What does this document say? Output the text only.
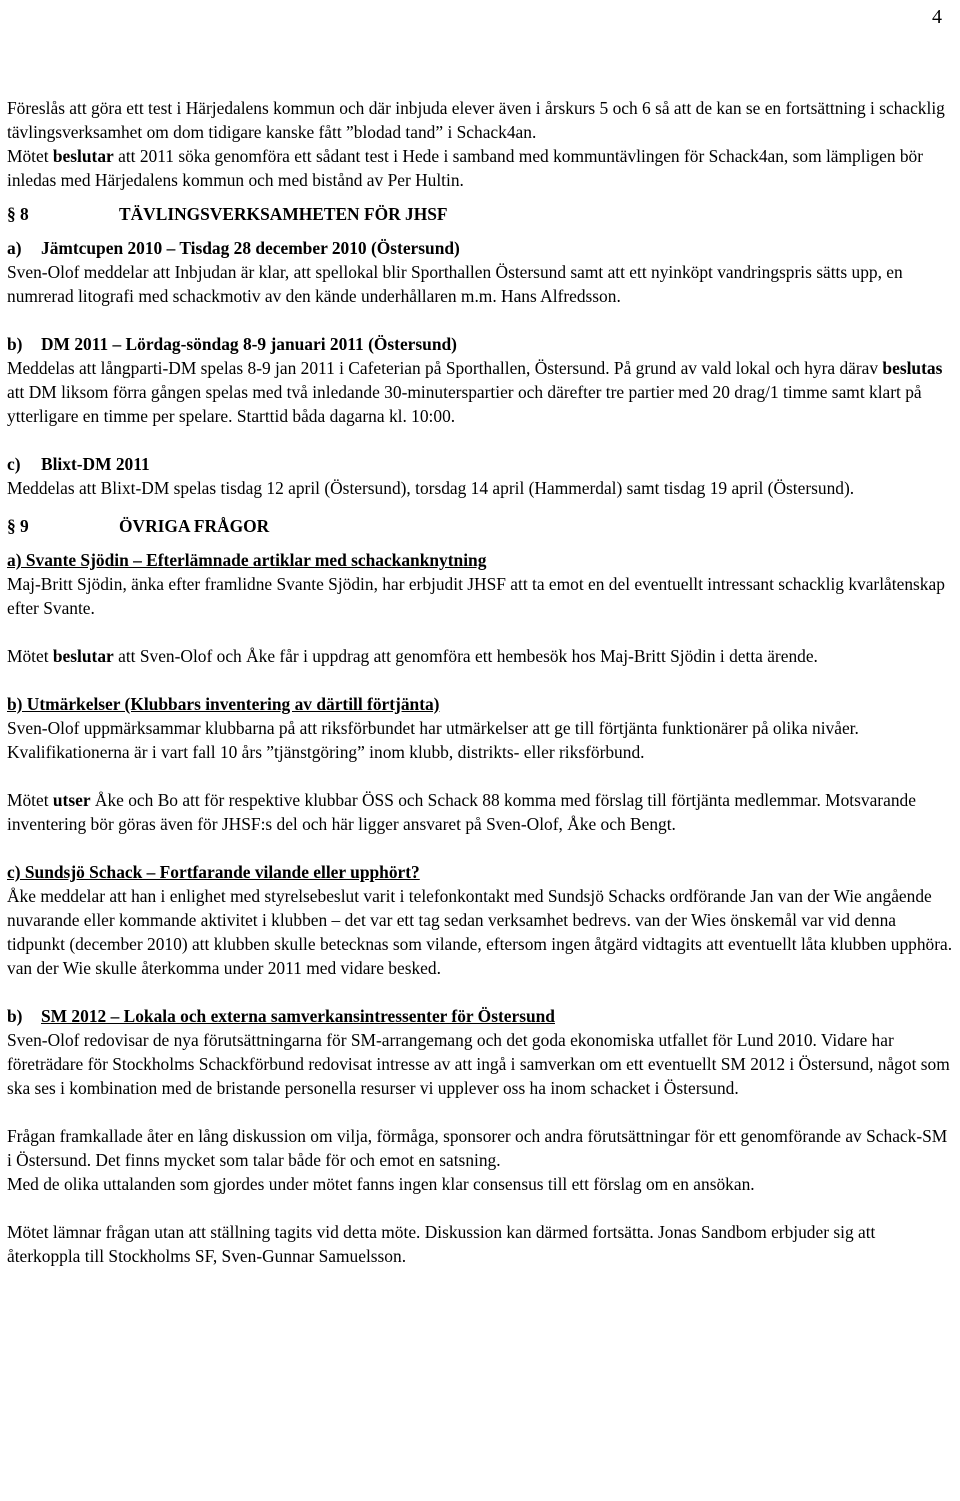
4

Föreslås att göra ett test i Härjedalens kommun och där inbjuda elever även i årskurs 5 och 6 så att de kan se en fortsättning i schacklig tävlingsverksamhet om dom tidigare kanske fått ”blodad tand” i Schack4an.

Mötet beslutar att 2011 söka genomföra ett sådant test i Hede i samband med kommuntävlingen för Schack4an, som lämpligen bör inledas med Härjedalens kommun och med bistånd av Per Hultin.

§ 8	TÄVLINGSVERKSAMHETEN FÖR JHSF

a) Jämtcupen 2010 – Tisdag 28 december 2010 (Östersund)

Sven-Olof meddelar att Inbjudan är klar, att spellokal blir Sporthallen Östersund samt att ett nyinköpt vandringspris sätts upp, en numrerad litografi med schackmotiv av den kände underhållaren m.m. Hans Alfredsson.

b) DM 2011 – Lördag-söndag 8-9 januari 2011 (Östersund)

Meddelas att långparti-DM spelas 8-9 jan 2011 i Cafeterian på Sporthallen, Östersund. På grund av vald lokal och hyra därav beslutas att DM liksom förra gången spelas med två inledande 30-minuterspartier och därefter tre partier med 20 drag/1 timme samt klart på ytterligare en timme per spelare. Starttid båda dagarna kl. 10:00.

c) Blixt-DM 2011

Meddelas att Blixt-DM spelas tisdag 12 april (Östersund), torsdag 14 april (Hammerdal) samt tisdag 19 april (Östersund).

§ 9	ÖVRIGA FRÅGOR

a) Svante Sjödin – Efterlämnade artiklar med schackanknytning

Maj-Britt Sjödin, änka efter framlidne Svante Sjödin, har erbjudit JHSF att ta emot en del eventuellt intressant schacklig kvarlåtenskap efter Svante.

Mötet beslutar att Sven-Olof och Åke får i uppdrag att genomföra ett hembesök hos Maj-Britt Sjödin i detta ärende.

b) Utmärkelser (Klubbars inventering av därtill förtjänta)

Sven-Olof uppmärksammar klubbarna på att riksförbundet har utmärkelser att ge till förtjänta funktionärer på olika nivåer. Kvalifikationerna är i vart fall 10 års ”tjänstgöring” inom klubb, distrikts- eller riksförbund.

Mötet utser Åke och Bo att för respektive klubbar ÖSS och Schack 88 komma med förslag till förtjänta medlemmar. Motsvarande inventering bör göras även för JHSF:s del och här ligger ansvaret på Sven-Olof, Åke och Bengt.

c) Sundsjö Schack – Fortfarande vilande eller upphört?

Åke meddelar att han i enlighet med styrelsebeslut varit i telefonkontakt med Sundsjö Schacks ordförande Jan van der Wie angående nuvarande eller kommande aktivitet i klubben – det var ett tag sedan verksamhet bedrevs. van der Wies önskemål var vid denna tidpunkt (december 2010) att klubben skulle betecknas som vilande, eftersom ingen åtgärd vidtagits att eventuellt låta klubben upphöra. van der Wie skulle återkomma under 2011 med vidare besked.

b) SM 2012 – Lokala och externa samverkansintressenter för Östersund

Sven-Olof redovisar de nya förutsättningarna för SM-arrangemang och det goda ekonomiska utfallet för Lund 2010. Vidare har företrädare för Stockholms Schackförbund redovisat intresse av att ingå i samverkan om ett eventuellt SM 2012 i Östersund, något som ska ses i kombination med de bristande personella resurser vi upplever oss ha inom schacket i Östersund.

Frågan framkallade åter en lång diskussion om vilja, förmåga, sponsorer och andra förutsättningar för ett genomförande av Schack-SM i Östersund. Det finns mycket som talar både för och emot en satsning.

Med de olika uttalanden som gjordes under mötet fanns ingen klar consensus till ett förslag om en ansökan.

Mötet lämnar frågan utan att ställning tagits vid detta möte. Diskussion kan därmed fortsätta. Jonas Sandbom erbjuder sig att återkoppla till Stockholms SF, Sven-Gunnar Samuelsson.
